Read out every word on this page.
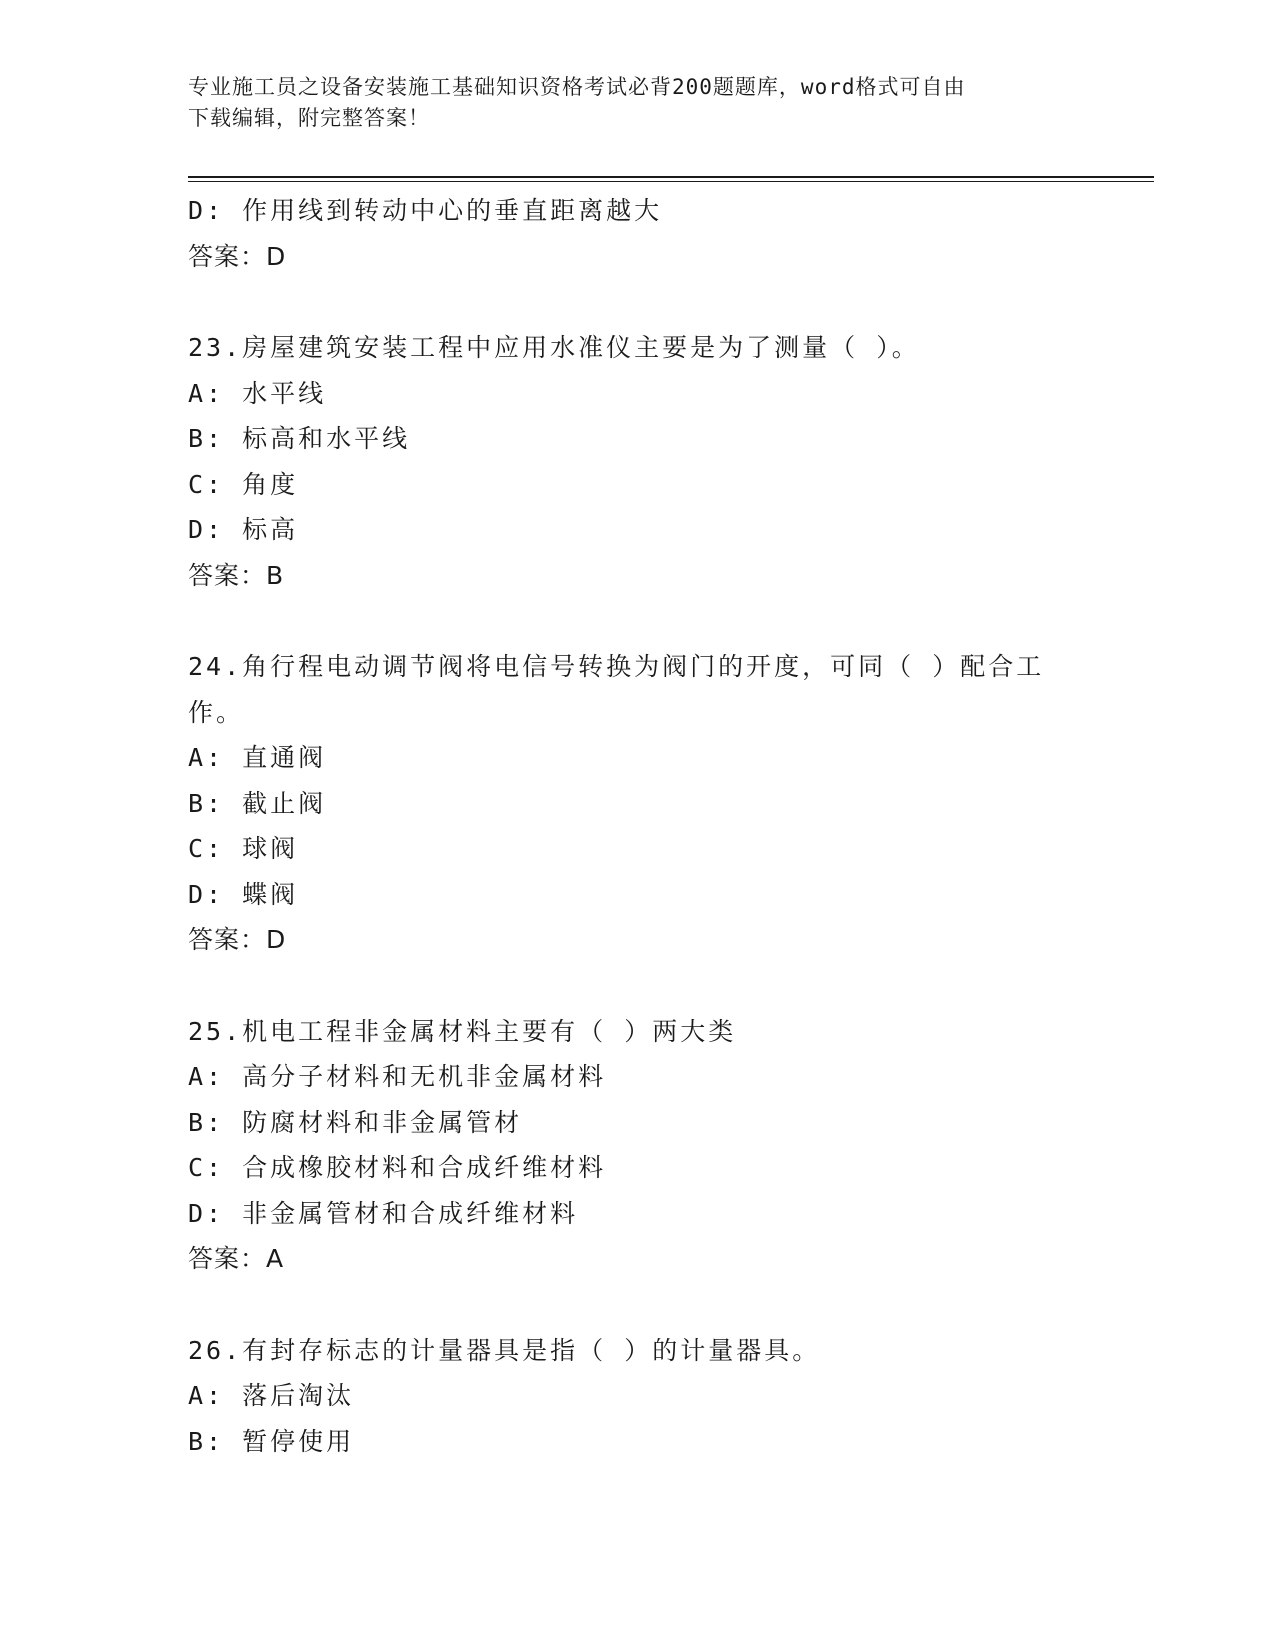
专业施工员之设备安装施工基础知识资格考试必背200题题库，word格式可自由
下载编辑，附完整答案！
D: 作用线到转动中心的垂直距离越大
答案：D
23.房屋建筑安装工程中应用水准仪主要是为了测量（ ）。
A: 水平线
B: 标高和水平线
C: 角度
D: 标高
答案：B
24.角行程电动调节阀将电信号转换为阀门的开度，可同（ ）配合工
作。
A: 直通阀
B: 截止阀
C: 球阀
D: 蝶阀
答案：D
25.机电工程非金属材料主要有（ ）两大类
A: 高分子材料和无机非金属材料
B: 防腐材料和非金属管材
C: 合成橡胶材料和合成纤维材料
D: 非金属管材和合成纤维材料
答案：A
26.有封存标志的计量器具是指（ ）的计量器具。
A: 落后淘汰
B: 暂停使用
